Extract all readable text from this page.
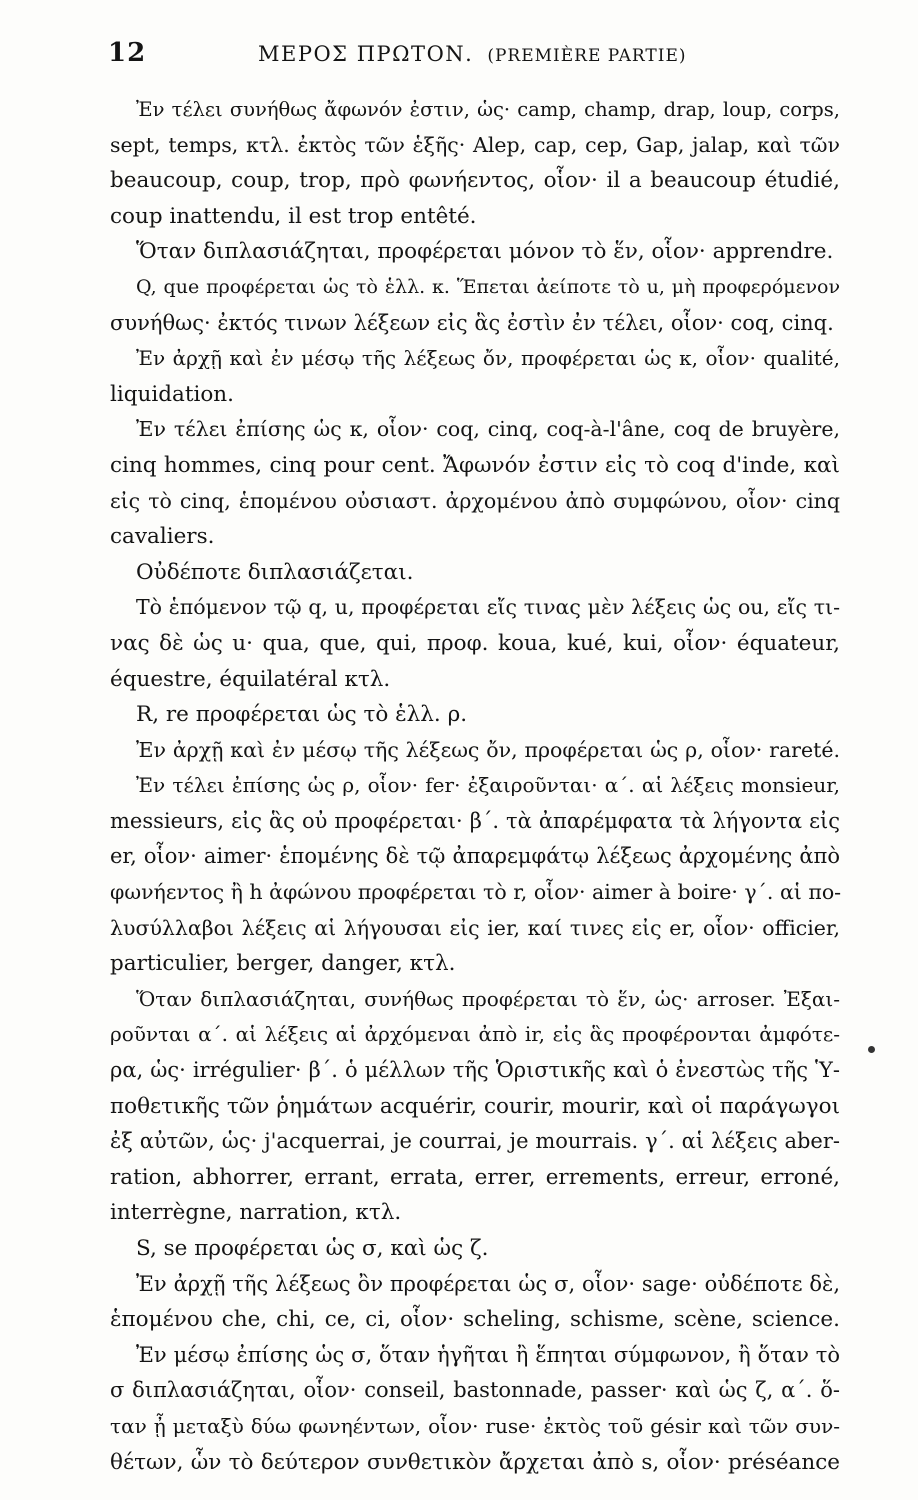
12	ΜΕΡΟΣ ΠΡΩΤΟΝ. (PREMIÈRE PARTIE)
Ἐν τέλει συνήθως ἄφωνόν ἐστιν, ὡς· camp, champ, drap, loup, corps,
sept, temps, κτλ. ἐκτὸς τῶν ἑξῆς· Alep, cap, cep, Gap, jalap, καὶ τῶν
beaucoup, coup, trop, πρὸ φωνήεντος, οἷον· il a beaucoup étudié,
coup inattendu, il est trop entêté.
Ὅταν διπλασιάζηται, προφέρεται μόνον τὸ ἕν, οἷον· apprendre.
Q, que προφέρεται ὡς τὸ ἑλλ. κ. Ἕπεται ἀείποτε τὸ u, μὴ προφερόμενον
συνήθως· ἐκτός τινων λέξεων εἰς ἃς ἐστὶν ἐν τέλει, οἷον· coq, cinq.
Ἐν ἀρχῇ καὶ ἐν μέσῳ τῆς λέξεως ὄν, προφέρεται ὡς κ, οἷον· qualité,
liquidation.
Ἐν τέλει ἐπίσης ὡς κ, οἷον· coq, cinq, coq-à-l'âne, coq de bruyère,
cinq hommes, cinq pour cent. Ἄφωνόν ἐστιν εἰς τὸ coq d'inde, καὶ
εἰς τὸ cinq, ἑπομένου οὐσιαστ. ἀρχομένου ἀπὸ συμφώνου, οἷον· cinq
cavaliers.
Οὐδέποτε διπλασιάζεται.
Τὸ ἑπόμενον τῷ q, u, προφέρεται εἴς τινας μὲν λέξεις ὡς ou, εἴς τι-
νας δὲ ὡς u· qua, que, qui, προφ. koua, kué, kui, οἷον· équateur,
équestre, équilatéral κτλ.
R, re προφέρεται ὡς τὸ ἑλλ. ρ.
Ἐν ἀρχῇ καὶ ἐν μέσῳ τῆς λέξεως ὄν, προφέρεται ὡς ρ, οἷον· rareté.
Ἐν τέλει ἐπίσης ὡς ρ, οἷον· fer· ἐξαιροῦνται· α΄. αἱ λέξεις monsieur,
messieurs, εἰς ἃς οὐ προφέρεται· β΄. τὰ ἀπαρέμφατα τὰ λήγοντα εἰς
er, οἷον· aimer· ἑπομένης δὲ τῷ ἀπαρεμφάτῳ λέξεως ἀρχομένης ἀπὸ
φωνήεντος ἢ h ἀφώνου προφέρεται τὸ r, οἷον· aimer à boire· γ΄. αἱ πο-
λυσύλλαβοι λέξεις αἱ λήγουσαι εἰς ier, καί τινες εἰς er, οἷον· officier,
particulier, berger, danger, κτλ.
Ὅταν διπλασιάζηται, συνήθως προφέρεται τὸ ἕν, ὡς· arroser. Ἐξαι-
ροῦνται α΄. αἱ λέξεις αἱ ἀρχόμεναι ἀπὸ ir, εἰς ἃς προφέρονται ἀμφότε-
ρα, ὡς· irrégulier· β΄. ὁ μέλλων τῆς Ὁριστικῆς καὶ ὁ ἐνεστὼς τῆς Ὑ-
ποθετικῆς τῶν ῥημάτων acquérir, courir, mourir, καὶ οἱ παράγωγοι
ἐξ αὐτῶν, ὡς· j'acquerrai, je courrai, je mourrais. γ΄. αἱ λέξεις aber-
ration, abhorrer, errant, errata, errer, errements, erreur, erroné,
interrègne, narration, κτλ.
S, se προφέρεται ὡς σ, καὶ ὡς ζ.
Ἐν ἀρχῇ τῆς λέξεως ὂν προφέρεται ὡς σ, οἷον· sage· οὐδέποτε δὲ,
ἑπομένου che, chi, ce, ci, οἷον· scheling, schisme, scène, science.
Ἐν μέσῳ ἐπίσης ὡς σ, ὅταν ἡγῆται ἢ ἕπηται σύμφωνον, ἢ ὅταν τὸ
σ διπλασιάζηται, οἷον· conseil, bastonnade, passer· καὶ ὡς ζ, α΄. ὅ-
ταν ᾖ μεταξὺ δύω φωνηέντων, οἷον· ruse· ἐκτὸς τοῦ gésir καὶ τῶν συν-
θέτων, ὧν τὸ δεύτερον συνθετικὸν ἄρχεται ἀπὸ s, οἷον· préséance
